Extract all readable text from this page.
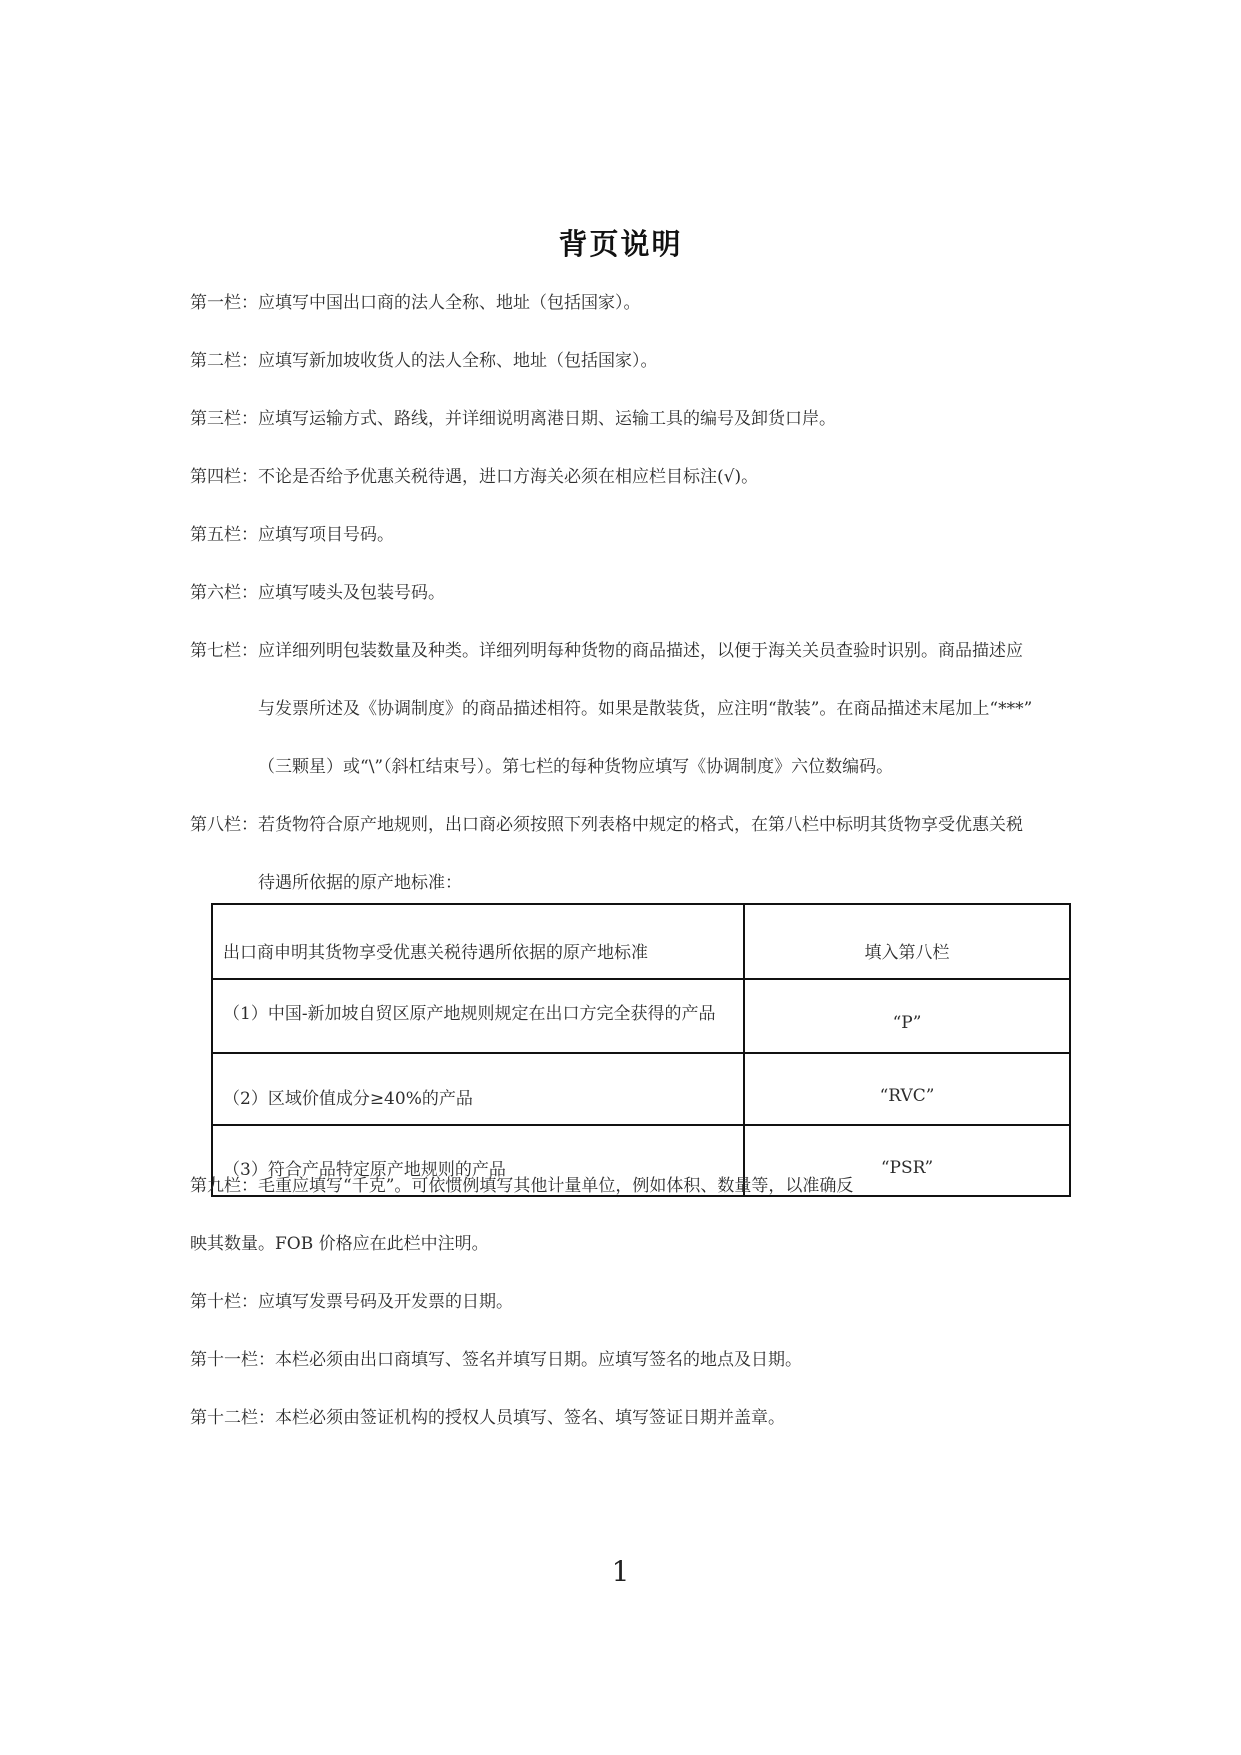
背页说明
第一栏：应填写中国出口商的法人全称、地址（包括国家）。
第二栏：应填写新加坡收货人的法人全称、地址（包括国家）。
第三栏：应填写运输方式、路线，并详细说明离港日期、运输工具的编号及卸货口岸。
第四栏：不论是否给予优惠关税待遇，进口方海关必须在相应栏目标注(√)。
第五栏：应填写项目号码。
第六栏：应填写唛头及包装号码。
第七栏：应详细列明包装数量及种类。详细列明每种货物的商品描述，以便于海关关员查验时识别。商品描述应
与发票所述及《协调制度》的商品描述相符。如果是散装货，应注明“散装”。在商品描述末尾加上“***”
（三颗星）或“\”（斜杠结束号）。第七栏的每种货物应填写《协调制度》六位数编码。
第八栏：若货物符合原产地规则，出口商必须按照下列表格中规定的格式，在第八栏中标明其货物享受优惠关税
待遇所依据的原产地标准：
出口商申明其货物享受优惠关税待遇所依据的原产地标准	填入第八栏
（1）中国-新加坡自贸区原产地规则规定在出口方完全获得的产品	“P”
（2）区域价值成分≥40%的产品	“RVC”
（3）符合产品特定原产地规则的产品	“PSR”
第九栏：毛重应填写“千克”。可依惯例填写其他计量单位，例如体积、数量等，以准确反
映其数量。FOB 价格应在此栏中注明。
第十栏：应填写发票号码及开发票的日期。
第十一栏：本栏必须由出口商填写、签名并填写日期。应填写签名的地点及日期。
第十二栏：本栏必须由签证机构的授权人员填写、签名、填写签证日期并盖章。
1
